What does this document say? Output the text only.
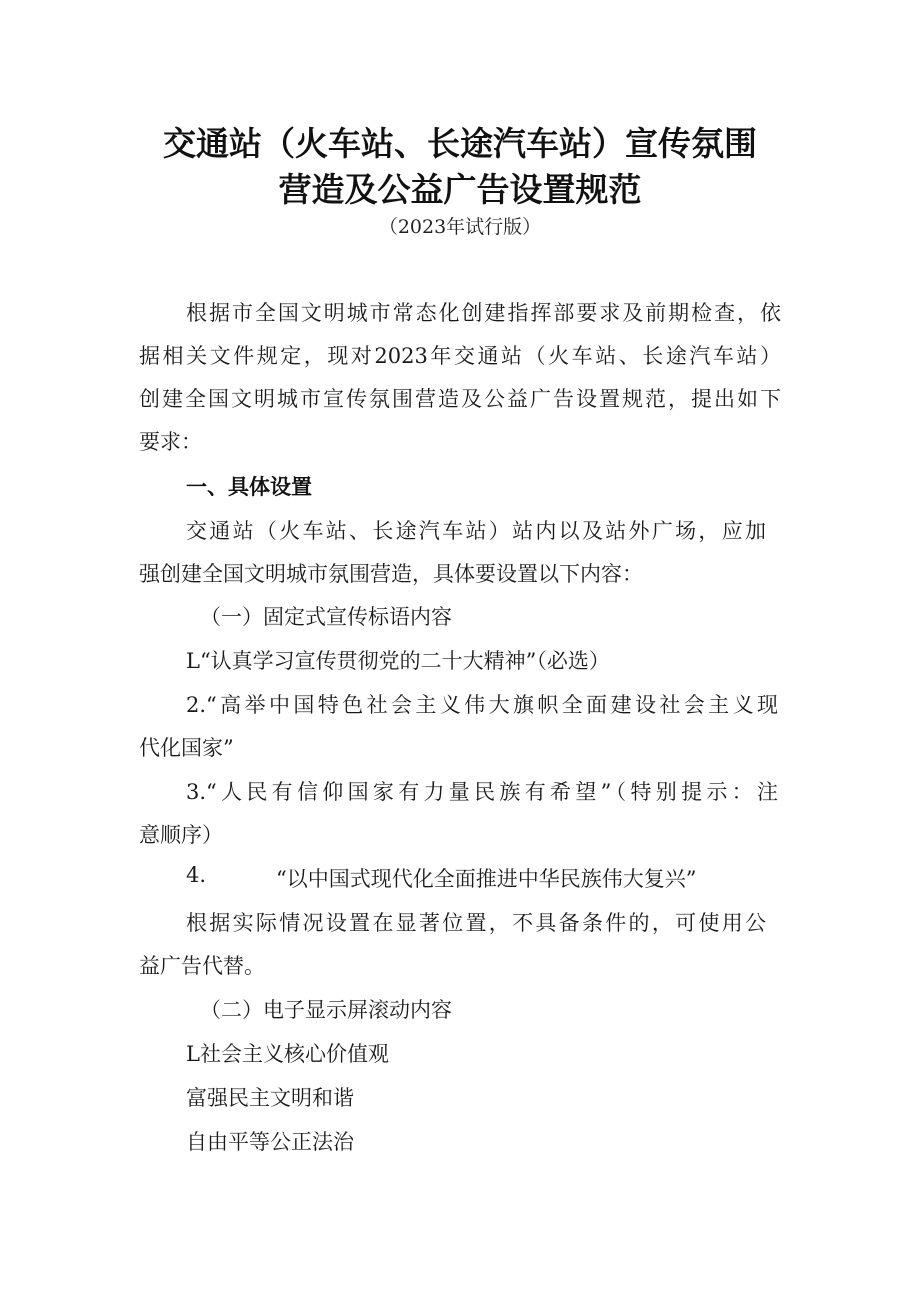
交通站（火车站、长途汽车站）宣传氛围
营造及公益广告设置规范
（2023年试行版）
根据市全国文明城市常态化创建指挥部要求及前期检查，依
据相关文件规定，现对2023年交通站（火车站、长途汽车站）
创建全国文明城市宣传氛围营造及公益广告设置规范，提出如下
要求：
一、具体设置
交通站（火车站、长途汽车站）站内以及站外广场，应加
强创建全国文明城市氛围营造，具体要设置以下内容：
（一）固定式宣传标语内容
L“认真学习宣传贯彻党的二十大精神”（必选）
2.“高举中国特色社会主义伟大旗帜全面建设社会主义现
代化国家”
3.“人民有信仰国家有力量民族有希望”（特别提示：注
意顺序）
4.	“以中国式现代化全面推进中华民族伟大复兴”
根据实际情况设置在显著位置，不具备条件的，可使用公
益广告代替。
（二）电子显示屏滚动内容
L社会主义核心价值观
富强民主文明和谐
自由平等公正法治
